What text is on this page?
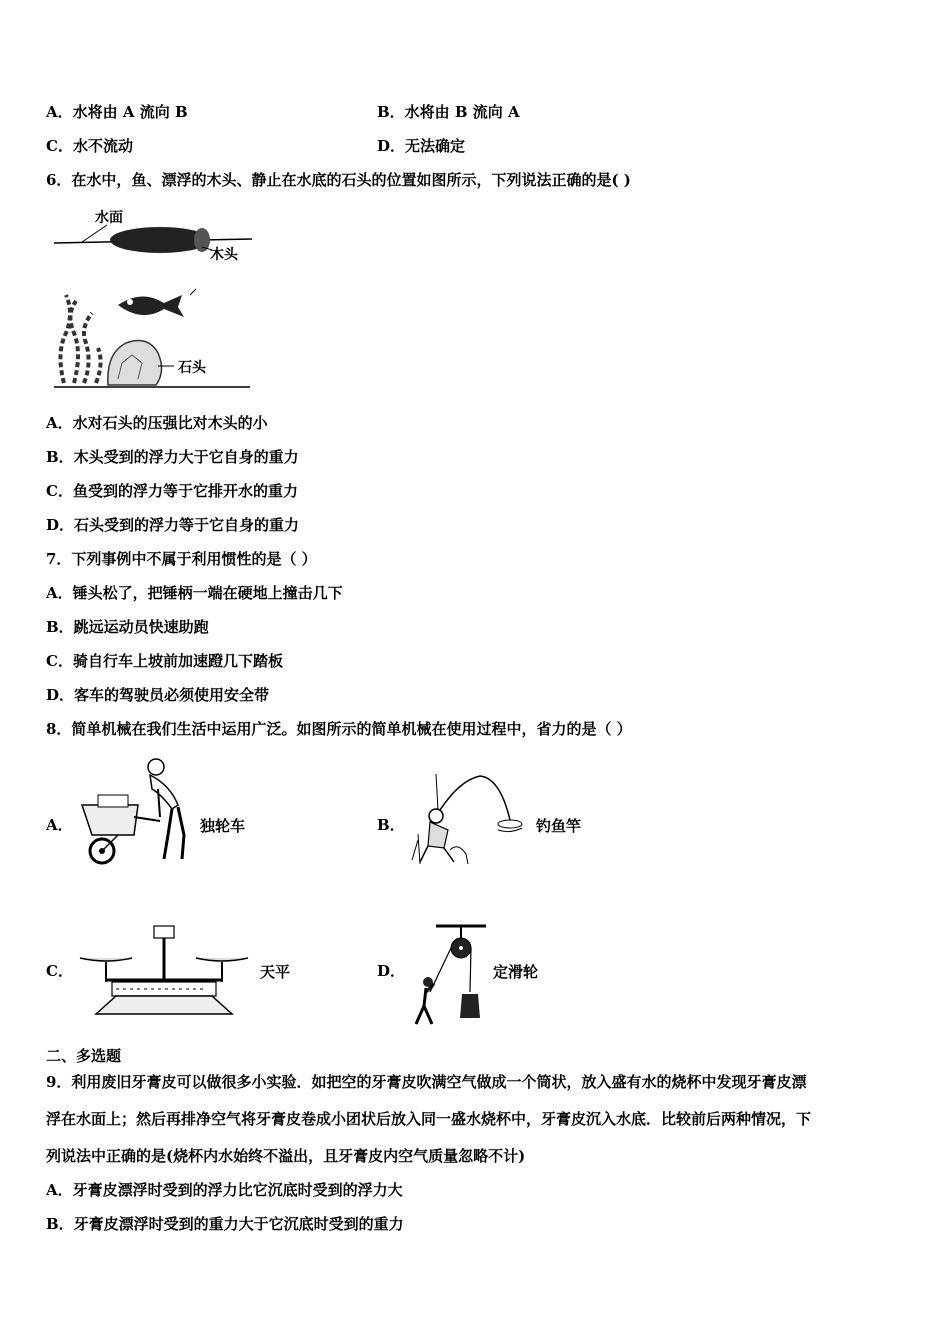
A．水将由 A 流向 B	B．水将由 B 流向 A
C．水不流动	D．无法确定
6．在水中，鱼、漂浮的木头、静止在水底的石头的位置如图所示，下列说法正确的是( )
水面
木头
石头
A．水对石头的压强比对木头的小
B．木头受到的浮力大于它自身的重力
C．鱼受到的浮力等于它排开水的重力
D．石头受到的浮力等于它自身的重力
7．下列事例中不属于利用惯性的是（ ）
A．锤头松了，把锤柄一端在硬地上撞击几下
B．跳远运动员快速助跑
C．骑自行车上坡前加速蹬几下踏板
D．客车的驾驶员必须使用安全带
8．简单机械在我们生活中运用广泛。如图所示的简单机械在使用过程中，省力的是（ ）
A．	独轮车	B．	钓鱼竿
C．	天平	D．	定滑轮
二、多选题
9．利用废旧牙膏皮可以做很多小实验．如把空的牙膏皮吹满空气做成一个筒状，放入盛有水的烧杯中发现牙膏皮漂
浮在水面上；然后再排净空气将牙膏皮卷成小团状后放入同一盛水烧杯中，牙膏皮沉入水底．比较前后两种情况，下
列说法中正确的是(烧杯内水始终不溢出，且牙膏皮内空气质量忽略不计)
A．牙膏皮漂浮时受到的浮力比它沉底时受到的浮力大
B．牙膏皮漂浮时受到的重力大于它沉底时受到的重力
